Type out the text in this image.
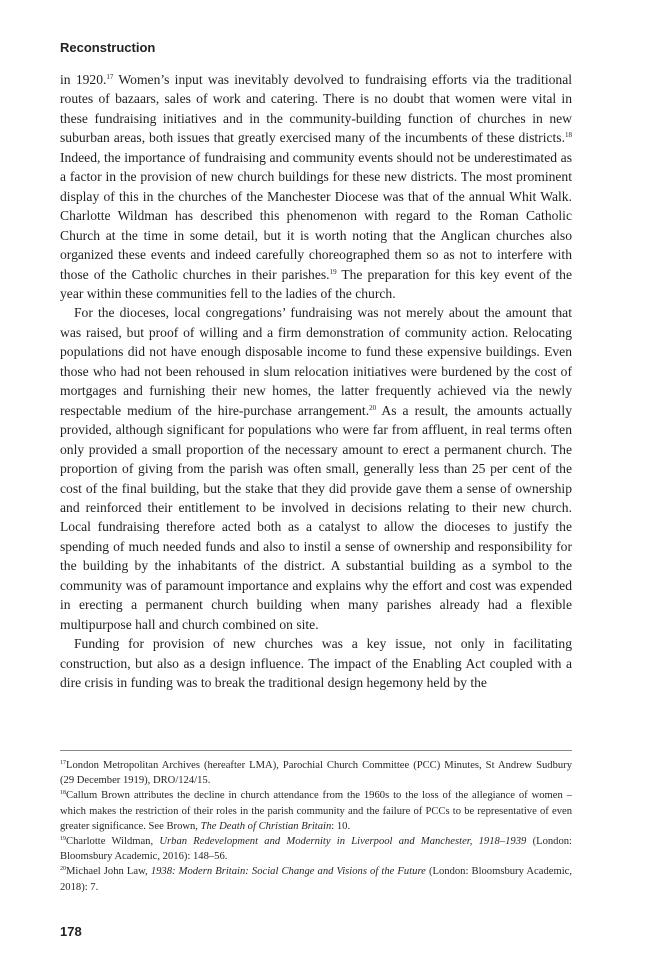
Reconstruction

in 1920.17 Women’s input was inevitably devolved to fundraising efforts via the traditional routes of bazaars, sales of work and catering. There is no doubt that women were vital in these fundraising initiatives and in the community-building function of churches in new suburban areas, both issues that greatly exercised many of the incumbents of these districts.$^{18}$ Indeed, the importance of fundraising and community events should not be underestimated as a factor in the provision of new church buildings for these new districts. The most prominent display of this in the churches of the Manchester Diocese was that of the annual Whit Walk. Charlotte Wildman has described this phenomenon with regard to the Roman Catholic Church at the time in some detail, but it is worth noting that the Anglican churches also organized these events and indeed carefully choreographed them so as not to interfere with those of the Catholic churches in their parishes.$^{19}$ The preparation for this key event of the year within these communities fell to the ladies of the church.

For the dioceses, local congregations’ fundraising was not merely about the amount that was raised, but proof of willing and a firm demonstration of community action. Relocating populations did not have enough disposable income to fund these expensive buildings. Even those who had not been rehoused in slum relocation initiatives were burdened by the cost of mortgages and furnishing their new homes, the latter frequently achieved via the newly respectable medium of the hire-purchase arrangement.$^{20}$ As a result, the amounts actually provided, although significant for populations who were far from affluent, in real terms often only provided a small proportion of the necessary amount to erect a permanent church. The proportion of giving from the parish was often small, generally less than 25 per cent of the cost of the final building, but the stake that they did provide gave them a sense of ownership and reinforced their entitlement to be involved in decisions relating to their new church. Local fundraising therefore acted both as a catalyst to allow the dioceses to justify the spending of much needed funds and also to instil a sense of ownership and responsibility for the building by the inhabitants of the district. A substantial building as a symbol to the community was of paramount importance and explains why the effort and cost was expended in erecting a permanent church building when many parishes already had a flexible multipurpose hall and church combined on site.

Funding for provision of new churches was a key issue, not only in facilitating construction, but also as a design influence. The impact of the Enabling Act coupled with a dire crisis in funding was to break the traditional design hegemony held by the

$^{17}$London Metropolitan Archives (hereafter LMA), Parochial Church Committee (PCC) Minutes, St Andrew Sudbury (29 December 1919), DRO/124/15.

$^{18}$Callum Brown attributes the decline in church attendance from the 1960s to the loss of the allegiance of women – which makes the restriction of their roles in the parish community and the failure of PCCs to be representative of even greater significance. See Brown, The Death of Christian Britain: 10.

$^{19}$Charlotte Wildman, Urban Redevelopment and Modernity in Liverpool and Manchester, 1918–1939 (London: Bloomsbury Academic, 2016): 148–56.

$^{20}$Michael John Law, 1938: Modern Britain: Social Change and Visions of the Future (London: Bloomsbury Academic, 2018): 7.

178
